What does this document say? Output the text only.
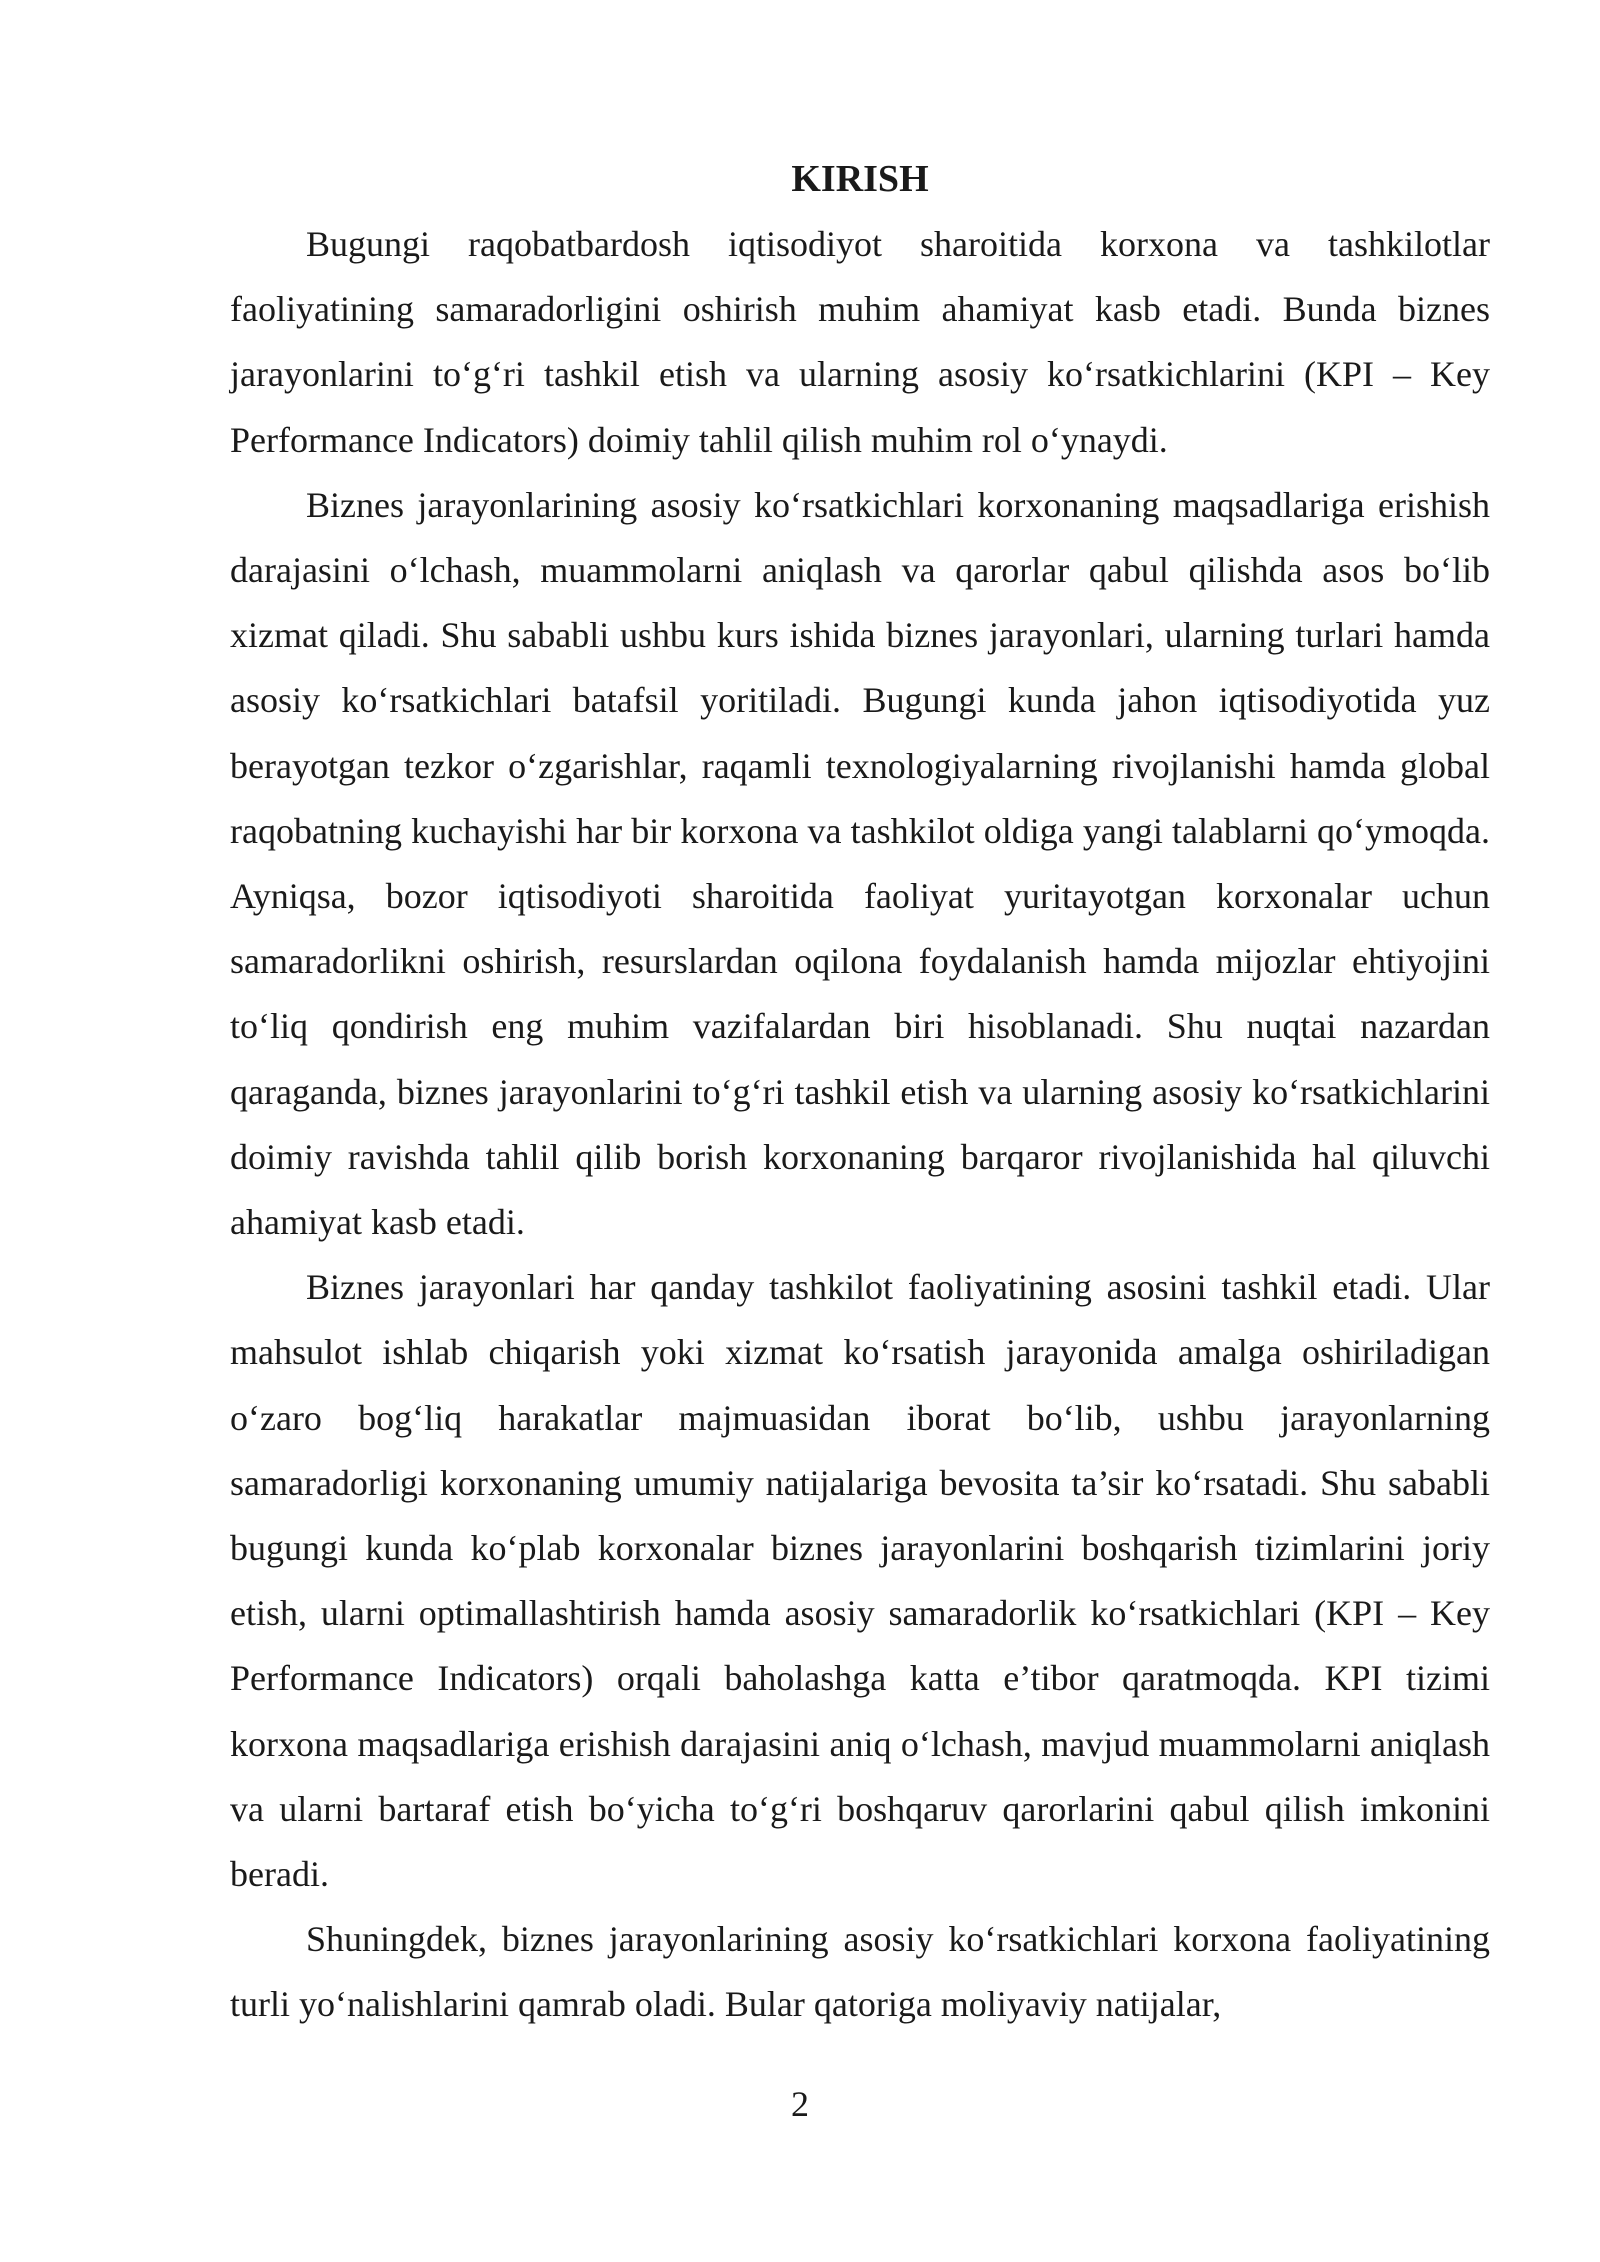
KIRISH

Bugungi raqobatbardosh iqtisodiyot sharoitida korxona va tashkilotlar faoliyatining samaradorligini oshirish muhim ahamiyat kasb etadi. Bunda biznes jarayonlarini to‘g‘ri tashkil etish va ularning asosiy ko‘rsatkichlarini (KPI – Key Performance Indicators) doimiy tahlil qilish muhim rol o‘ynaydi.

Biznes jarayonlarining asosiy ko‘rsatkichlari korxonaning maqsadlariga erishish darajasini o‘lchash, muammolarni aniqlash va qarorlar qabul qilishda asos bo‘lib xizmat qiladi. Shu sababli ushbu kurs ishida biznes jarayonlari, ularning turlari hamda asosiy ko‘rsatkichlari batafsil yoritiladi. Bugungi kunda jahon iqtisodiyotida yuz berayotgan tezkor o‘zgarishlar, raqamli texnologiyalarning rivojlanishi hamda global raqobatning kuchayishi har bir korxona va tashkilot oldiga yangi talablarni qo‘ymoqda. Ayniqsa, bozor iqtisodiyoti sharoitida faoliyat yuritayotgan korxonalar uchun samaradorlikni oshirish, resurslardan oqilona foydalanish hamda mijozlar ehtiyojini to‘liq qondirish eng muhim vazifalardan biri hisoblanadi. Shu nuqtai nazardan qaraganda, biznes jarayonlarini to‘g‘ri tashkil etish va ularning asosiy ko‘rsatkichlarini doimiy ravishda tahlil qilib borish korxonaning barqaror rivojlanishida hal qiluvchi ahamiyat kasb etadi.

Biznes jarayonlari har qanday tashkilot faoliyatining asosini tashkil etadi. Ular mahsulot ishlab chiqarish yoki xizmat ko‘rsatish jarayonida amalga oshiriladigan o‘zaro bog‘liq harakatlar majmuasidan iborat bo‘lib, ushbu jarayonlarning samaradorligi korxonaning umumiy natijalariga bevosita ta’sir ko‘rsatadi. Shu sababli bugungi kunda ko‘plab korxonalar biznes jarayonlarini boshqarish tizimlarini joriy etish, ularni optimallashtirish hamda asosiy samaradorlik ko‘rsatkichlari (KPI – Key Performance Indicators) orqali baholashga katta e’tibor qaratmoqda. KPI tizimi korxona maqsadlariga erishish darajasini aniq o‘lchash, mavjud muammolarni aniqlash va ularni bartaraf etish bo‘yicha to‘g‘ri boshqaruv qarorlarini qabul qilish imkonini beradi.

Shuningdek, biznes jarayonlarining asosiy ko‘rsatkichlari korxona faoliyatining turli yo‘nalishlarini qamrab oladi. Bular qatoriga moliyaviy natijalar,

2
